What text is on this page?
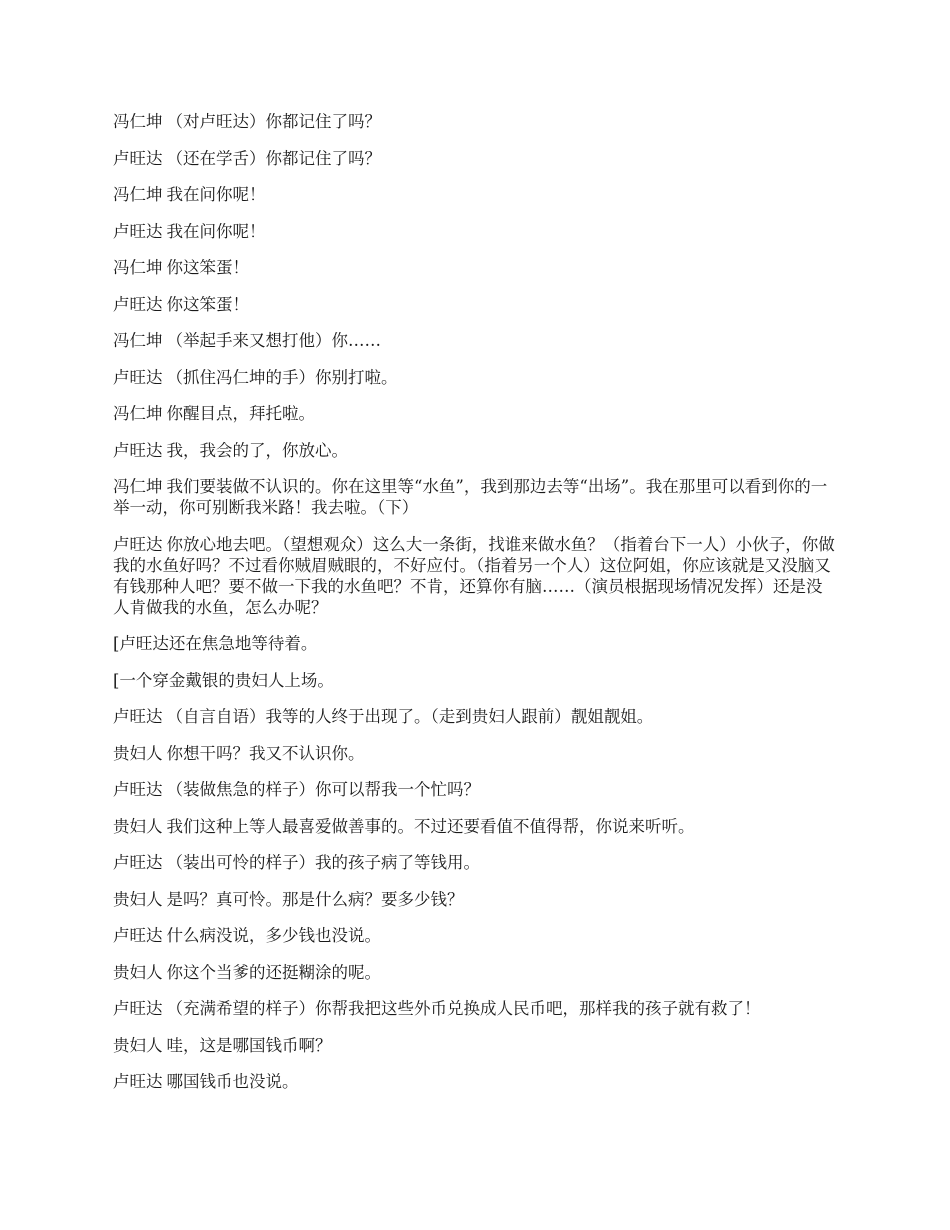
冯仁坤 （对卢旺达）你都记住了吗？

卢旺达 （还在学舌）你都记住了吗？

冯仁坤 我在问你呢！

卢旺达 我在问你呢！

冯仁坤 你这笨蛋！

卢旺达 你这笨蛋！

冯仁坤 （举起手来又想打他）你……

卢旺达 （抓住冯仁坤的手）你别打啦。

冯仁坤 你醒目点，拜托啦。

卢旺达 我，我会的了，你放心。

冯仁坤 我们要装做不认识的。你在这里等“水鱼”，我到那边去等“出场”。我在那里可以看到你的一举一动，你可别断我米路！我去啦。（下）

卢旺达 你放心地去吧。（望想观众）这么大一条街，找谁来做水鱼？（指着台下一人）小伙子，你做我的水鱼好吗？不过看你贼眉贼眼的，不好应付。（指着另一个人）这位阿姐，你应该就是又没脑又有钱那种人吧？要不做一下我的水鱼吧？不肯，还算你有脑……（演员根据现场情况发挥）还是没人肯做我的水鱼，怎么办呢？

[卢旺达还在焦急地等待着。

[一个穿金戴银的贵妇人上场。

卢旺达 （自言自语）我等的人终于出现了。（走到贵妇人跟前）靓姐靓姐。

贵妇人 你想干吗？我又不认识你。

卢旺达 （装做焦急的样子）你可以帮我一个忙吗？

贵妇人 我们这种上等人最喜爱做善事的。不过还要看值不值得帮，你说来听听。

卢旺达 （装出可怜的样子）我的孩子病了等钱用。

贵妇人 是吗？真可怜。那是什么病？要多少钱？

卢旺达 什么病没说，多少钱也没说。

贵妇人 你这个当爹的还挺糊涂的呢。

卢旺达 （充满希望的样子）你帮我把这些外币兑换成人民币吧，那样我的孩子就有救了！

贵妇人 哇，这是哪国钱币啊？

卢旺达 哪国钱币也没说。
